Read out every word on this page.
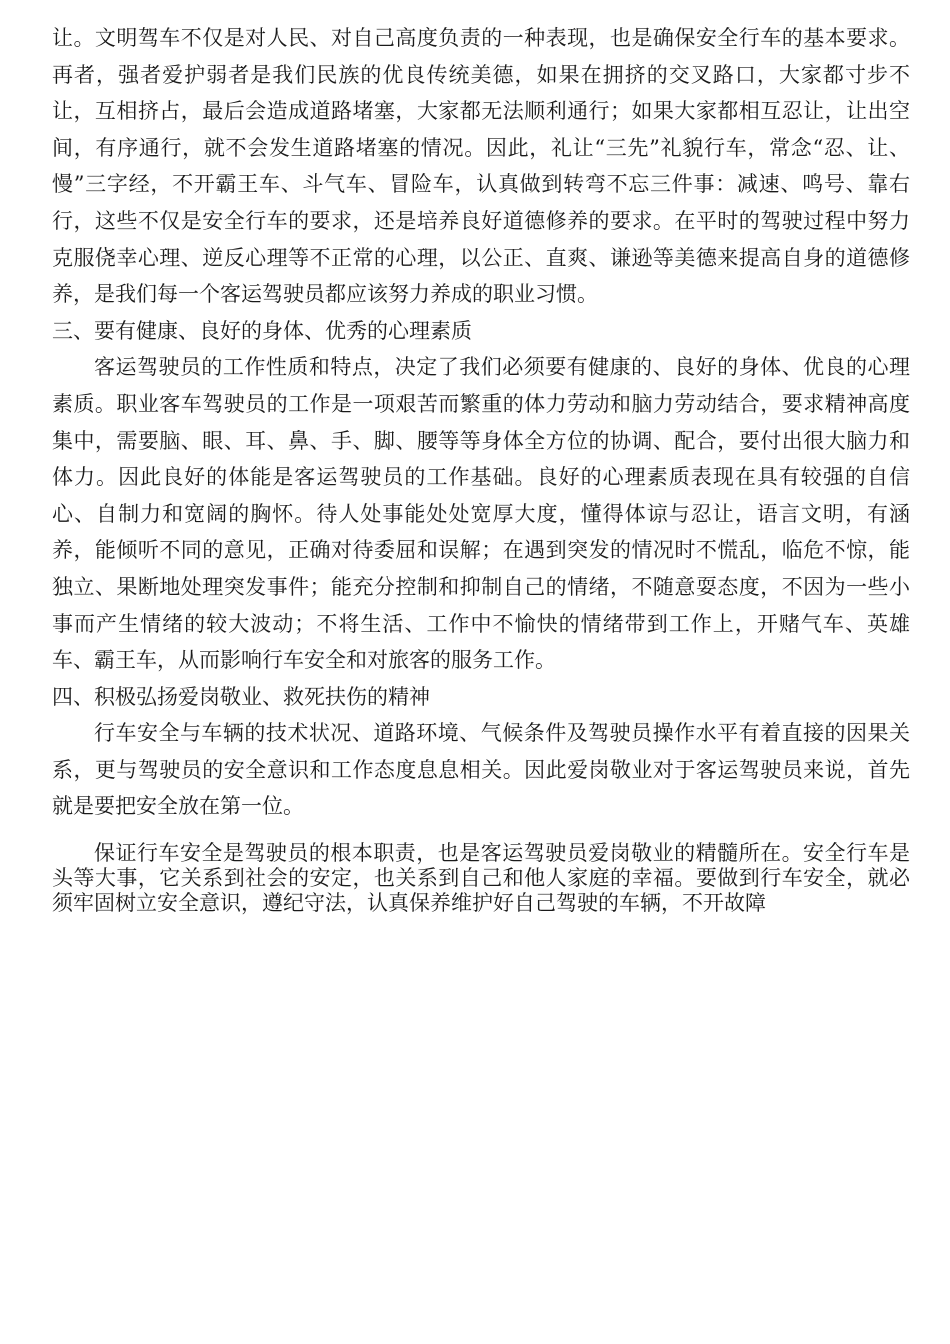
让。文明驾车不仅是对人民、对自己高度负责的一种表现，也是确保安全行车的基本要求。再者，强者爱护弱者是我们民族的优良传统美德，如果在拥挤的交叉路口，大家都寸步不让，互相挤占，最后会造成道路堵塞，大家都无法顺利通行；如果大家都相互忍让，让出空间，有序通行，就不会发生道路堵塞的情况。因此，礼让“三先”礼貌行车，常念“忍、让、慢”三字经，不开霸王车、斗气车、冒险车，认真做到转弯不忘三件事：减速、鸣号、靠右行，这些不仅是安全行车的要求，还是培养良好道德修养的要求。在平时的驾驶过程中努力克服侥幸心理、逆反心理等不正常的心理，以公正、直爽、谦逊等美德来提高自身的道德修养，是我们每一个客运驾驶员都应该努力养成的职业习惯。

三、要有健康、良好的身体、优秀的心理素质

客运驾驶员的工作性质和特点，决定了我们必须要有健康的、良好的身体、优良的心理素质。职业客车驾驶员的工作是一项艰苦而繁重的体力劳动和脑力劳动结合，要求精神高度集中，需要脑、眼、耳、鼻、手、脚、腰等等身体全方位的协调、配合，要付出很大脑力和体力。因此良好的体能是客运驾驶员的工作基础。良好的心理素质表现在具有较强的自信心、自制力和宽阔的胸怀。待人处事能处处宽厚大度，懂得体谅与忍让，语言文明，有涵养，能倾听不同的意见，正确对待委屈和误解；在遇到突发的情况时不慌乱，临危不惊，能独立、果断地处理突发事件；能充分控制和抑制自己的情绪，不随意耍态度，不因为一些小事而产生情绪的较大波动；不将生活、工作中不愉快的情绪带到工作上，开赌气车、英雄车、霸王车，从而影响行车安全和对旅客的服务工作。

四、积极弘扬爱岗敬业、救死扶伤的精神

行车安全与车辆的技术状况、道路环境、气候条件及驾驶员操作水平有着直接的因果关系，更与驾驶员的安全意识和工作态度息息相关。因此爱岗敬业对于客运驾驶员来说，首先就是要把安全放在第一位。

保证行车安全是驾驶员的根本职责，也是客运驾驶员爱岗敬业的精髓所在。安全行车是头等大事，它关系到社会的安定，也关系到自己和他人家庭的幸福。要做到行车安全，就必须牢固树立安全意识，遵纪守法，认真保养维护好自己驾驶的车辆，不开故障
